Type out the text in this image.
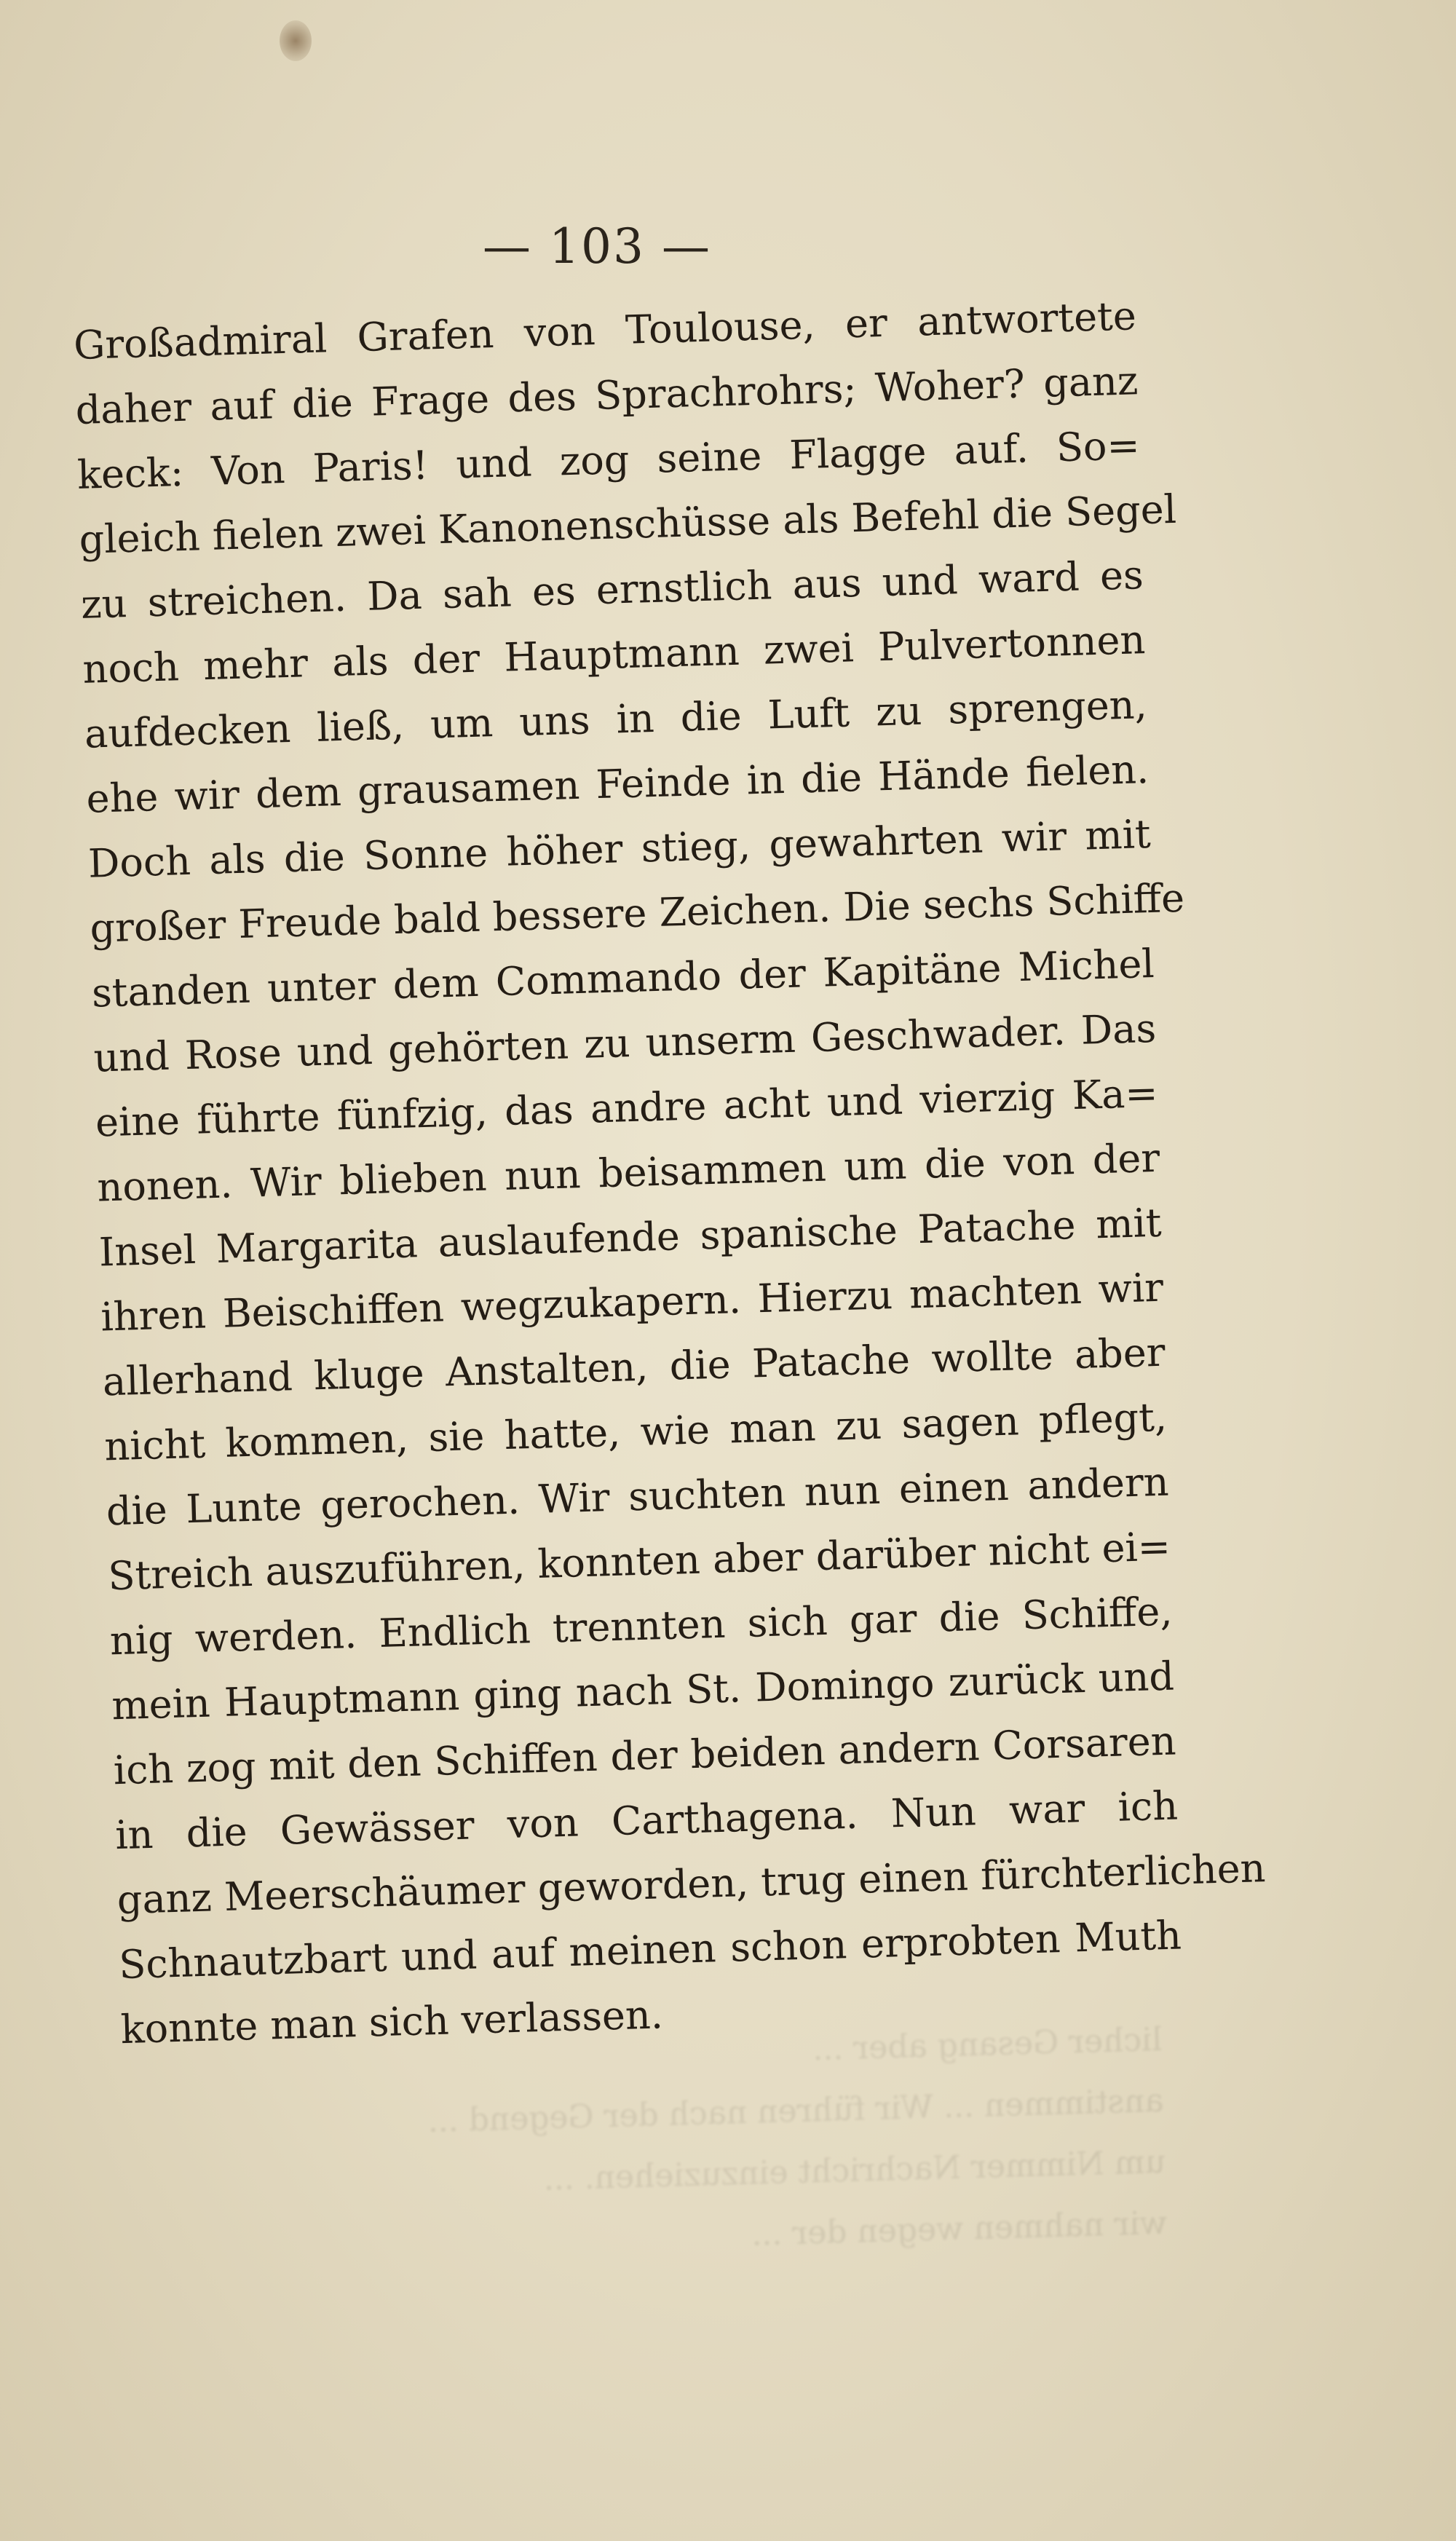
— 103 —
Großadmiral Grafen von Toulouse, er antwortete
daher auf die Frage des Sprachrohrs; Woher? ganz
keck: Von Paris! und zog seine Flagge auf. So=
gleich fielen zwei Kanonenschüsse als Befehl die Segel
zu streichen. Da sah es ernstlich aus und ward es
noch mehr als der Hauptmann zwei Pulvertonnen
aufdecken ließ, um uns in die Luft zu sprengen,
ehe wir dem grausamen Feinde in die Hände fielen.
Doch als die Sonne höher stieg, gewahrten wir mit
großer Freude bald bessere Zeichen. Die sechs Schiffe
standen unter dem Commando der Kapitäne Michel
und Rose und gehörten zu unserm Geschwader. Das
eine führte fünfzig, das andre acht und vierzig Ka=
nonen. Wir blieben nun beisammen um die von der
Insel Margarita auslaufende spanische Patache mit
ihren Beischiffen wegzukapern. Hierzu machten wir
allerhand kluge Anstalten, die Patache wollte aber
nicht kommen, sie hatte, wie man zu sagen pflegt,
die Lunte gerochen. Wir suchten nun einen andern
Streich auszuführen, konnten aber darüber nicht ei=
nig werden. Endlich trennten sich gar die Schiffe,
mein Hauptmann ging nach St. Domingo zurück und
ich zog mit den Schiffen der beiden andern Corsaren
in die Gewässer von Carthagena. Nun war ich
ganz Meerschäumer geworden, trug einen fürchterlichen
Schnautzbart und auf meinen schon erprobten Muth
konnte man sich verlassen.	licher Gesang aber ...
anstimmen ... Wir führen nach der Gegend ...
um Nimmer Nachricht einzuziehen. ...
wir nahmen wegen der ...
